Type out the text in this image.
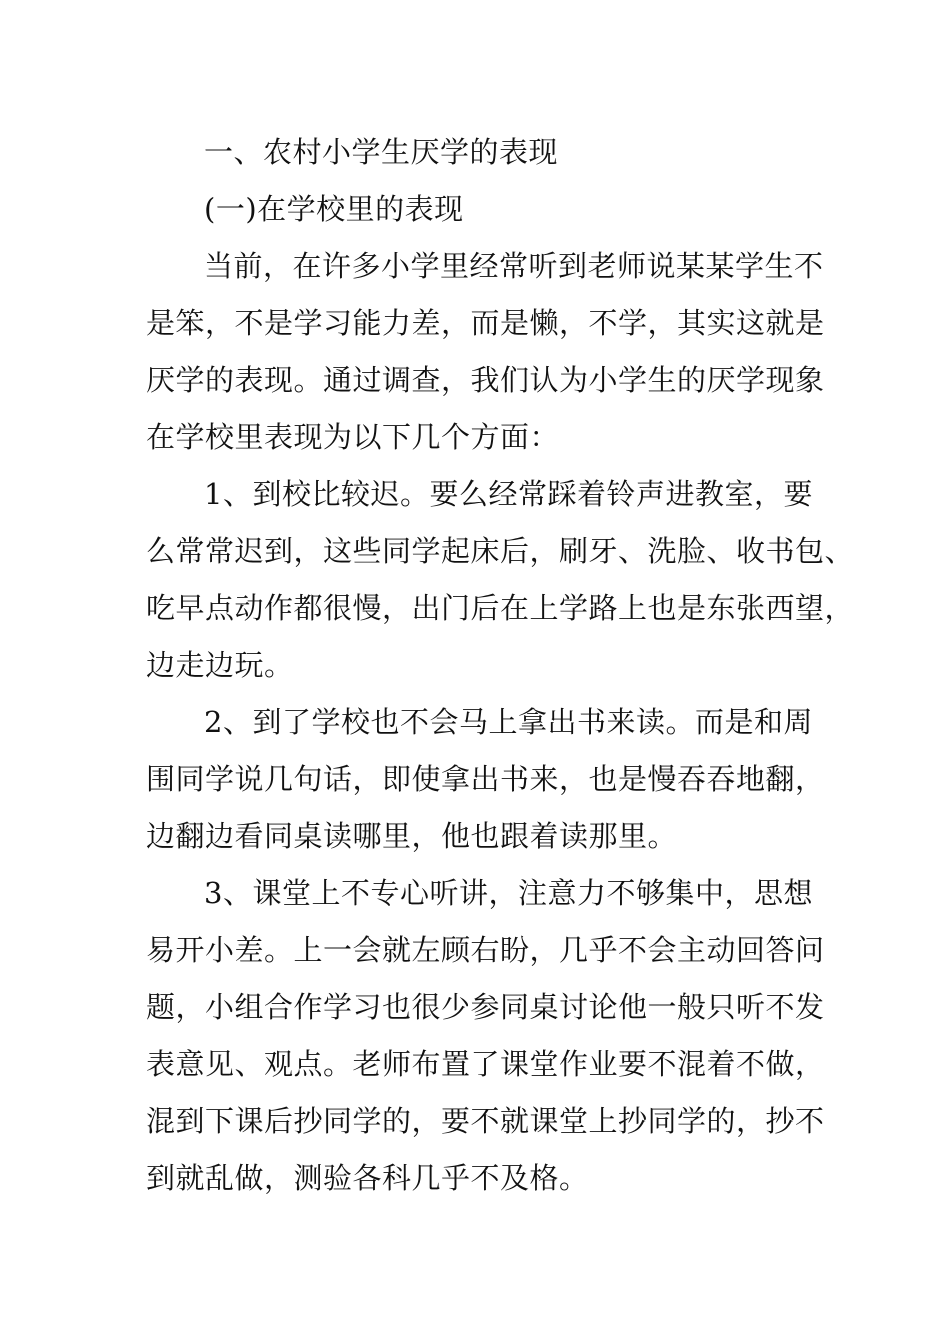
一、农村小学生厌学的表现
(一)在学校里的表现
当前，在许多小学里经常听到老师说某某学生不
是笨，不是学习能力差，而是懒，不学，其实这就是
厌学的表现。通过调查，我们认为小学生的厌学现象
在学校里表现为以下几个方面：
1、到校比较迟。要么经常踩着铃声进教室，要
么常常迟到，这些同学起床后，刷牙、洗脸、收书包、
吃早点动作都很慢，出门后在上学路上也是东张西望，
边走边玩。
2、到了学校也不会马上拿出书来读。而是和周
围同学说几句话，即使拿出书来，也是慢吞吞地翻，
边翻边看同桌读哪里，他也跟着读那里。
3、课堂上不专心听讲，注意力不够集中，思想
易开小差。上一会就左顾右盼，几乎不会主动回答问
题，小组合作学习也很少参同桌讨论他一般只听不发
表意见、观点。老师布置了课堂作业要不混着不做，
混到下课后抄同学的，要不就课堂上抄同学的，抄不
到就乱做，测验各科几乎不及格。
